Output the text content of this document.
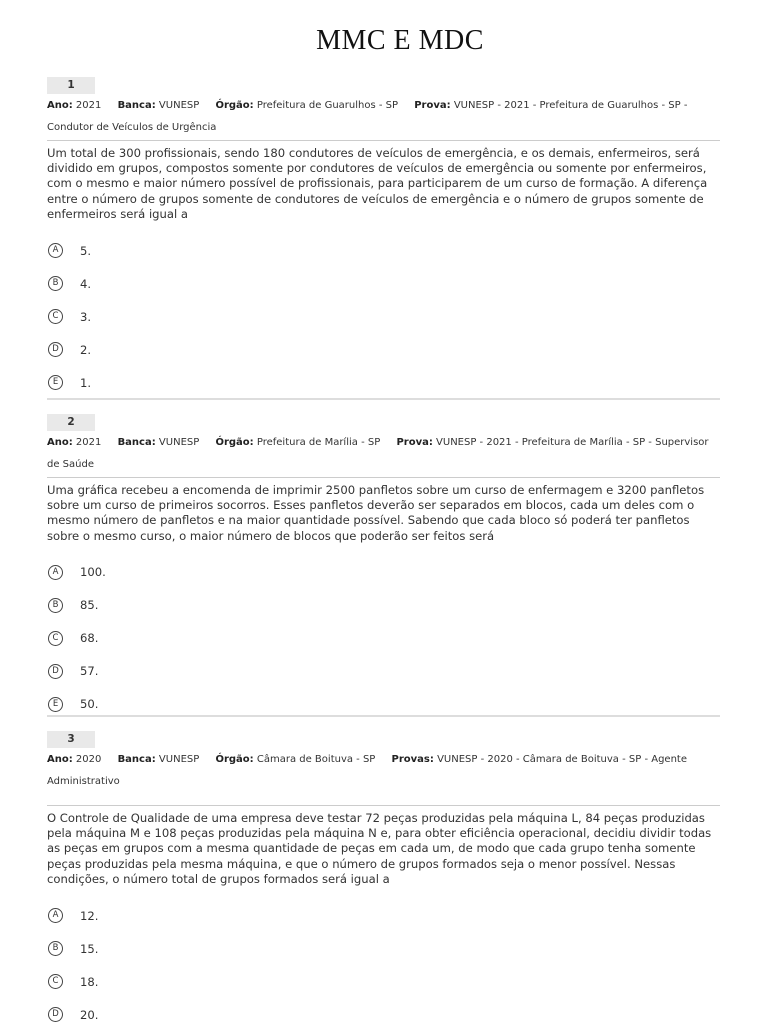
MMC E MDC
1
Ano: 2021 Banca: VUNESP Órgão: Prefeitura de Guarulhos - SP Prova: VUNESP - 2021 - Prefeitura de Guarulhos - SP - Condutor de Veículos de Urgência
Um total de 300 profissionais, sendo 180 condutores de veículos de emergência, e os demais, enfermeiros, será dividido em grupos, compostos somente por condutores de veículos de emergência ou somente por enfermeiros, com o mesmo e maior número possível de profissionais, para participarem de um curso de formação. A diferença entre o número de grupos somente de condutores de veículos de emergência e o número de grupos somente de enfermeiros será igual a
A	5.
B	4.
C	3.
D	2.
E	1.
2
Ano: 2021 Banca: VUNESP Órgão: Prefeitura de Marília - SP Prova: VUNESP - 2021 - Prefeitura de Marília - SP - Supervisor de Saúde
Uma gráfica recebeu a encomenda de imprimir 2500 panfletos sobre um curso de enfermagem e 3200 panfletos sobre um curso de primeiros socorros. Esses panfletos deverão ser separados em blocos, cada um deles com o mesmo número de panfletos e na maior quantidade possível. Sabendo que cada bloco só poderá ter panfletos sobre o mesmo curso, o maior número de blocos que poderão ser feitos será
A	100.
B	85.
C	68.
D	57.
E	50.
3
Ano: 2020 Banca: VUNESP Órgão: Câmara de Boituva - SP Provas: VUNESP - 2020 - Câmara de Boituva - SP - Agente Administrativo
O Controle de Qualidade de uma empresa deve testar 72 peças produzidas pela máquina L, 84 peças produzidas pela máquina M e 108 peças produzidas pela máquina N e, para obter eficiência operacional, decidiu dividir todas as peças em grupos com a mesma quantidade de peças em cada um, de modo que cada grupo tenha somente peças produzidas pela mesma máquina, e que o número de grupos formados seja o menor possível. Nessas condições, o número total de grupos formados será igual a
A	12.
B	15.
C	18.
D	20.
